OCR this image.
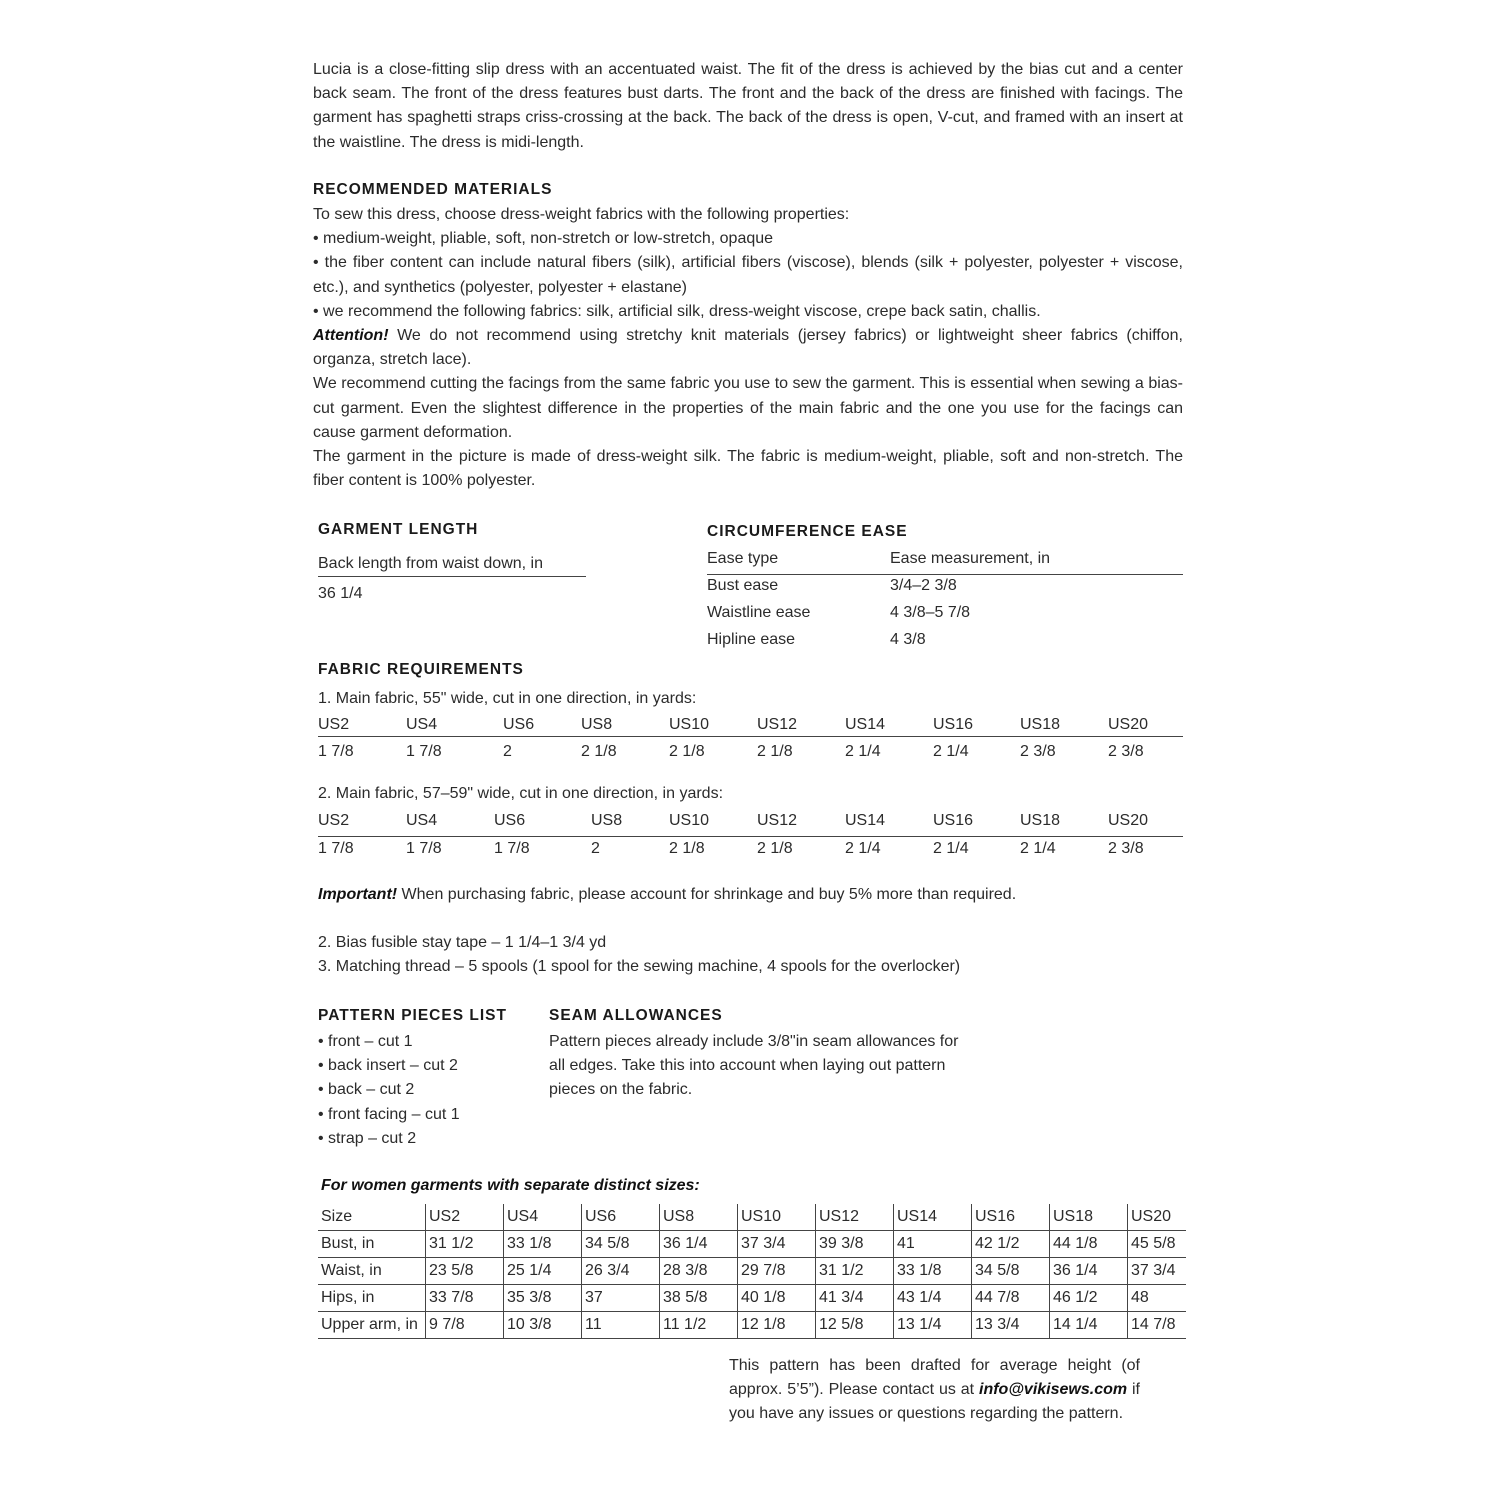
Lucia is a close-fitting slip dress with an accentuated waist. The fit of the dress is achieved by the bias cut and a center back seam. The front of the dress features bust darts. The front and the back of the dress are finished with facings. The garment has spaghetti straps criss-crossing at the back. The back of the dress is open, V-cut, and framed with an insert at the waistline. The dress is midi-length.

RECOMMENDED MATERIALS

To sew this dress, choose dress-weight fabrics with the following properties:

• medium-weight, pliable, soft, non-stretch or low-stretch, opaque

• the fiber content can include natural fibers (silk), artificial fibers (viscose), blends (silk + polyester, polyester + viscose, etc.), and synthetics (polyester, polyester + elastane)

• we recommend the following fabrics: silk, artificial silk, dress-weight viscose, crepe back satin, challis.

Attention! We do not recommend using stretchy knit materials (jersey fabrics) or lightweight sheer fabrics (chiffon, organza, stretch lace).

We recommend cutting the facings from the same fabric you use to sew the garment. This is essential when sewing a bias-cut garment. Even the slightest difference in the properties of the main fabric and the one you use for the facings can cause garment deformation.

The garment in the picture is made of dress-weight silk. The fabric is medium-weight, pliable, soft and non-stretch. The fiber content is 100% polyester.

GARMENT LENGTH
Back length from waist down, in
36 1/4
CIRCUMFERENCE EASE
Ease type	Ease measurement, in
Bust ease	3/4–2 3/8
Waistline ease	4 3/8–5 7/8
Hipline ease	4 3/8
FABRIC REQUIREMENTS
1. Main fabric, 55" wide, cut in one direction, in yards:
US2	US4	US6	US8	US10	US12	US14	US16	US18	US20
1 7/8	1 7/8	2	2 1/8	2 1/8	2 1/8	2 1/4	2 1/4	2 3/8	2 3/8
2. Main fabric, 57–59" wide, cut in one direction, in yards:
US2	US4	US6	US8	US10	US12	US14	US16	US18	US20
1 7/8	1 7/8	1 7/8	2	2 1/8	2 1/8	2 1/4	2 1/4	2 1/4	2 3/8
Important! When purchasing fabric, please account for shrinkage and buy 5% more than required.
2. Bias fusible stay tape – 1 1/4–1 3/4 yd
3. Matching thread – 5 spools (1 spool for the sewing machine, 4 spools for the overlocker)
PATTERN PIECES LIST
• front – cut 1
• back insert – cut 2
• back – cut 2
• front facing – cut 1
• strap – cut 2
SEAM ALLOWANCES
Pattern pieces already include 3/8"in seam allowances for all edges. Take this into account when laying out pattern pieces on the fabric.
For women garments with separate distinct sizes:
Size	US2	US4	US6	US8	US10	US12	US14	US16	US18	US20
Bust, in	31 1/2	33 1/8	34 5/8	36 1/4	37 3/4	39 3/8	41	42 1/2	44 1/8	45 5/8
Waist, in	23 5/8	25 1/4	26 3/4	28 3/8	29 7/8	31 1/2	33 1/8	34 5/8	36 1/4	37 3/4
Hips, in	33 7/8	35 3/8	37	38 5/8	40 1/8	41 3/4	43 1/4	44 7/8	46 1/2	48
Upper arm, in	9 7/8	10 3/8	11	11 1/2	12 1/8	12 5/8	13 1/4	13 3/4	14 1/4	14 7/8
This pattern has been drafted for average height (of approx. 5’5”). Please contact us at info@vikisews.com if you have any issues or questions regarding the pattern.
